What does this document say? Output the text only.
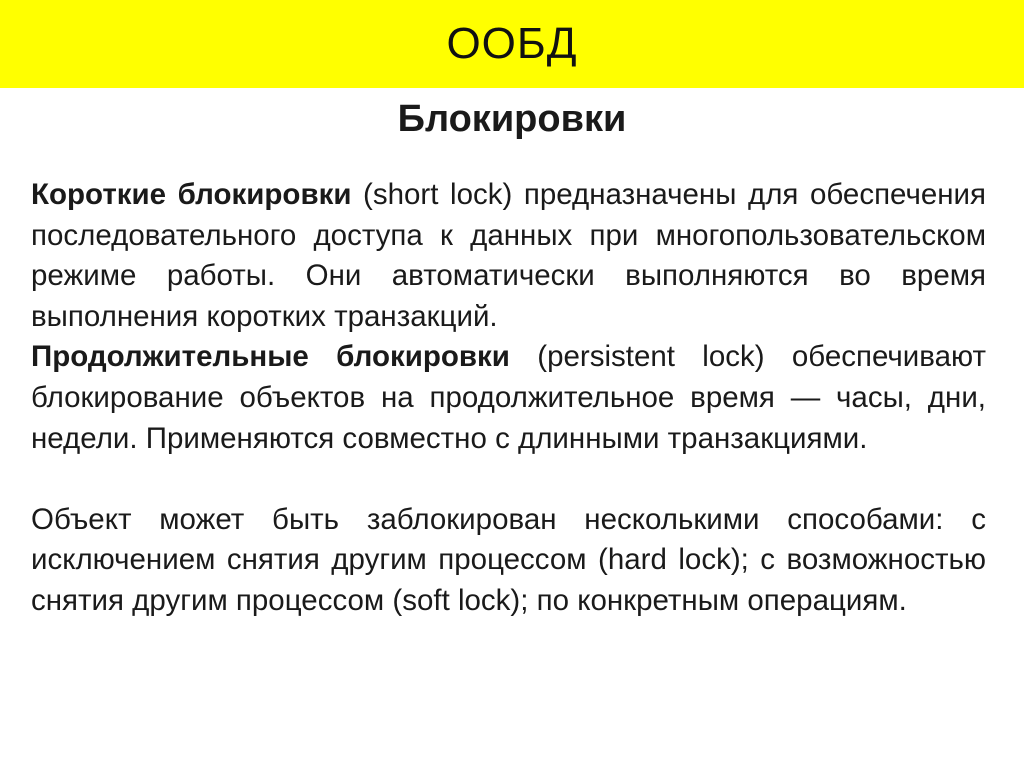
ООБД
Блокировки

Короткие блокировки (short lock) предназначены для обеспечения последовательного доступа к данных при многопользовательском режиме работы. Они автоматически выполняются во время выполнения коротких транзакций.

Продолжительные блокировки (persistent lock) обеспечивают блокирование объектов на продолжительное время — часы, дни, недели. Применяются совместно с длинными транзакциями.

Объект может быть заблокирован несколькими способами: с исключением снятия другим процессом (hard lock); с возможностью снятия другим процессом (soft lock); по конкретным операциям.
